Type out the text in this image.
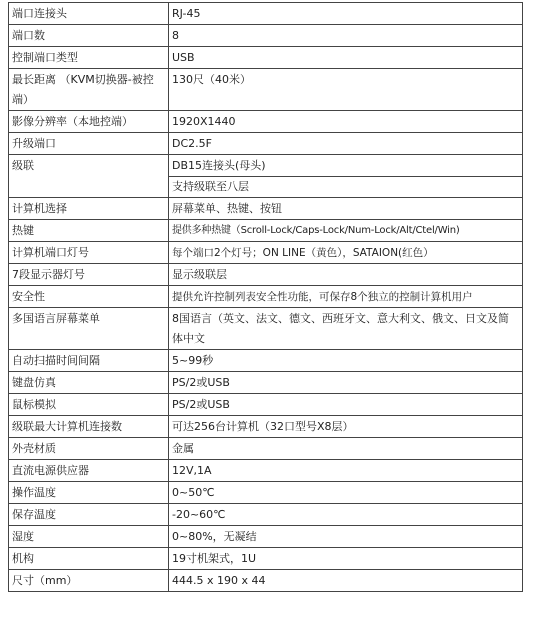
端口连接头	RJ-45

端口数	8

控制端口类型	USB

最长距离 （KVM切换器-被控端）	130尺（40米）

影像分辨率（本地控端）	1920X1440

升级端口	DC2.5F

级联	DB15连接头(母头)
支持级联至八层

计算机选择	屏幕菜单、热键、按钮

热键	提供多种热键（Scroll-Lock/Caps-Lock/Num-Lock/Alt/Ctel/Win)

计算机端口灯号	每个端口2个灯号；ON LINE（黄色），SATAION(红色）

7段显示器灯号	显示级联层

安全性	提供允许控制列表安全性功能，可保存8个独立的控制计算机用户

多国语言屏幕菜单	8国语言（英文、法文、德文、西班牙文、意大利文、俄文、日文及简体中文

自动扫描时间间隔	5~99秒

键盘仿真	PS/2或USB

鼠标模拟	PS/2或USB

级联最大计算机连接数	可达256台计算机（32口型号X8层）

外壳材质	金属

直流电源供应器	12V,1A

操作温度	0~50℃

保存温度	-20~60℃

湿度	0~80%，无凝结

机构	19寸机架式，1U

尺寸（mm）	444.5 x 190 x 44
